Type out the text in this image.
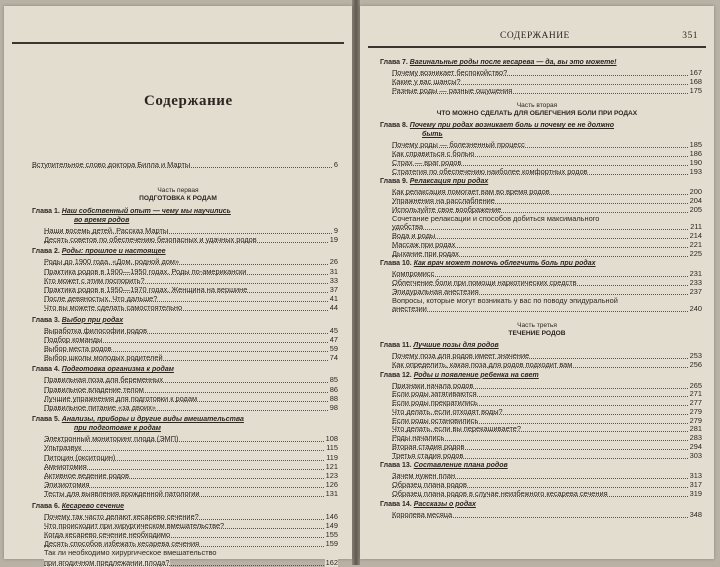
Содержание
Вступительное слово доктора Билла и Марты	6
Часть первая
ПОДГОТОВКА К РОДАМ
Глава 1. Наш собственный опыт — чему мы научились
во время родов
Наши восемь детей. Рассказ Марты	9
Десять советов по обеспечению безопасных и удачных родов	19
Глава 2. Роды: прошлое и настоящее
Роды до 1900 года. «Дом, родной дом»	26
Практика родов в 1900—1950 годах. Роды по-американски	31
Кто может с этим поспорить?	33
Практика родов в 1950—1970 годах. Женщина на вершине	37
После девяностых. Что дальше?	41
Что вы можете сделать самостоятельно	44
Глава 3. Выбор при родах
Выработка философии родов	45
Подбор команды	47
Выбор места родов	59
Выбор школы молодых родителей	74
Глава 4. Подготовка организма к родам
Правильная поза для беременных	85
Правильное владение телом	86
Лучшие упражнения для подготовки к родам	88
Правильное питание «за двоих»	98
Глава 5. Анализы, приборы и другие виды вмешательства
при подготовке к родам
Электронный мониторинг плода (ЭМП)	108
Ультразвук	115
Питоцин (окситоцин)	119
Амниотомия	121
Активное ведение родов	123
Эпизиотомия	126
Тесты для выявления врожденной патологии	131
Глава 6. Кесарево сечение
Почему так часто делают кесарево сечение?	146
Что происходит при хирургическом вмешательстве?	149
Когда кесарево сечение необходимо	155
Десять способов избежать кесарева сечения	159
Так ли необходимо хирургическое вмешательство
при ягодичном предлежании плода?	162
СОДЕРЖАНИЕ	351
Глава 7. Вагинальные роды после кесарева — да, вы это можете!
Почему возникает беспокойство?	167
Какие у вас шансы?	168
Разные роды — разные ощущения	175
Часть вторая
ЧТО МОЖНО СДЕЛАТЬ ДЛЯ ОБЛЕГЧЕНИЯ БОЛИ ПРИ РОДАХ
Глава 8. Почему при родах возникает боль и почему ее не должно
быть
Почему роды — болезненный процесс	185
Как справиться с болью	186
Страх — враг родов	190
Стратегия по обеспечению наиболее комфортных родов	193
Глава 9. Релаксация при родах
Как релаксация помогает вам во время родов	200
Упражнения на расслабление	204
Используйте свое воображение	205
Сочетание релаксации и способов добиться максимального
удобства	211
Вода и роды	214
Массаж при родах	221
Дыхание при родах	225
Глава 10. Как врач может помочь облегчить боль при родах
Компромисс	231
Облегчение боли при помощи наркотических средств	233
Эпидуральная анестезия	237
Вопросы, которые могут возникать у вас по поводу эпидуральной
анестезии	240
Часть третья
ТЕЧЕНИЕ РОДОВ
Глава 11. Лучшие позы для родов
Почему поза для родов имеет значение	253
Как определить, какая поза для родов подходит вам	256
Глава 12. Роды и появление ребенка на свет
Признаки начала родов	265
Если роды затягиваются	271
Если роды прекратились	277
Что делать, если отходят воды?	279
Если роды остановились	279
Что делать, если вы перекашиваете?	281
Роды начались	283
Вторая стадия родов	294
Третья стадия родов	303
Глава 13. Составление плана родов
Зачем нужен план	313
Образец плана родов	317
Образец плана родов в случае неизбежного кесарева сечения	319
Глава 14. Рассказы о родах
Королева месяца	348
